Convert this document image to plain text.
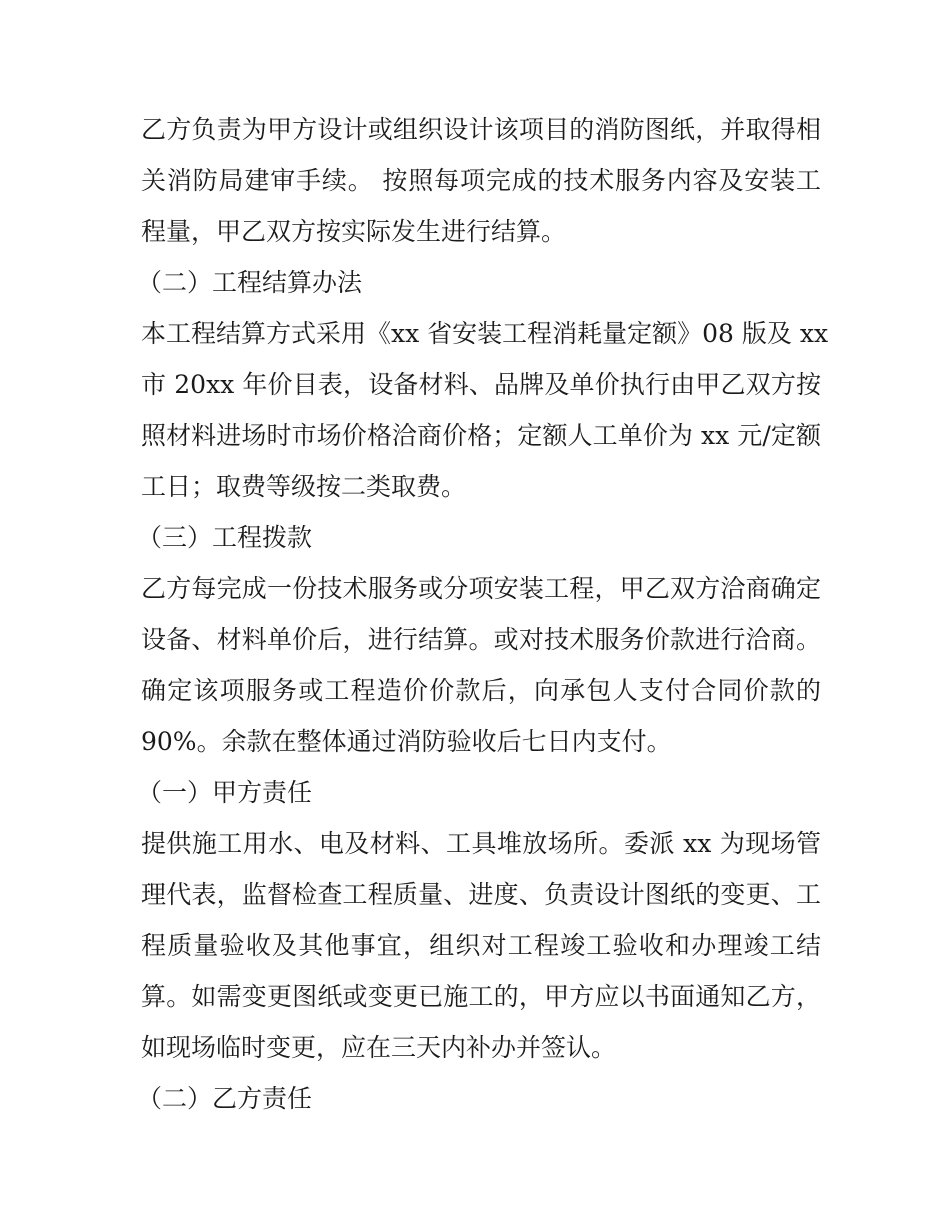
乙方负责为甲方设计或组织设计该项目的消防图纸，并取得相
关消防局建审手续。 按照每项完成的技术服务内容及安装工
程量，甲乙双方按实际发生进行结算。
（二）工程结算办法
本工程结算方式采用《xx 省安装工程消耗量定额》08 版及 xx
市 20xx 年价目表，设备材料、品牌及单价执行由甲乙双方按
照材料进场时市场价格洽商价格；定额人工单价为 xx 元/定额
工日；取费等级按二类取费。
（三）工程拨款
乙方每完成一份技术服务或分项安装工程，甲乙双方洽商确定
设备、材料单价后，进行结算。或对技术服务价款进行洽商。
确定该项服务或工程造价价款后，向承包人支付合同价款的
90%。余款在整体通过消防验收后七日内支付。
（一）甲方责任
提供施工用水、电及材料、工具堆放场所。委派 xx 为现场管
理代表，监督检查工程质量、进度、负责设计图纸的变更、工
程质量验收及其他事宜，组织对工程竣工验收和办理竣工结
算。如需变更图纸或变更已施工的，甲方应以书面通知乙方，
如现场临时变更，应在三天内补办并签认。
（二）乙方责任
